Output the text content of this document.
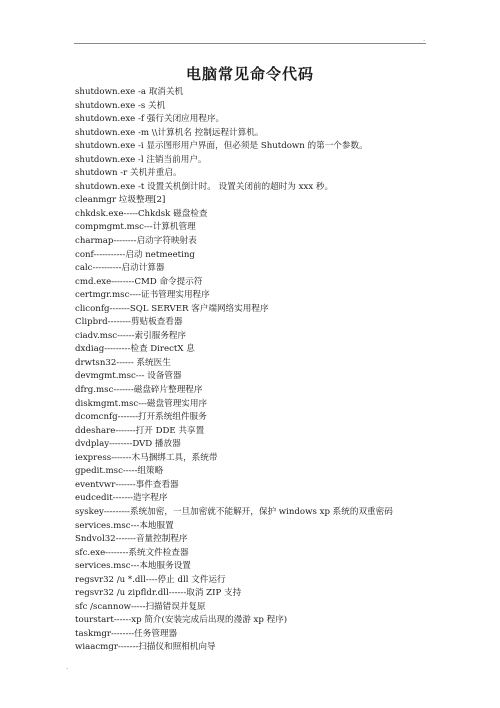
.
电脑常见命令代码
shutdown.exe -a 取消关机
shutdown.exe -s 关机
shutdown.exe -f 强行关闭应用程序。
shutdown.exe -m \\计算机名 控制远程计算机。
shutdown.exe -i 显示图形用户界面，但必须是 Shutdown 的第一个参数。
shutdown.exe -l 注销当前用户。
shutdown -r 关机并重启。
shutdown.exe -t 设置关机倒计时。 设置关闭前的超时为 xxx 秒。
cleanmgr 垃圾整理[2]
chkdsk.exe-----Chkdsk 磁盘检查
compmgmt.msc---计算机管理
charmap--------启动字符映射表
conf-----------启动 netmeeting
calc----------启动计算器
cmd.exe--------CMD 命令提示符
certmgr.msc----证书管理实用程序
cliconfg-------SQL SERVER 客户端网络实用程序
Clipbrd--------剪贴板查看器
ciadv.msc------索引服务程序
dxdiag---------检查 DirectX 息
drwtsn32------ 系统医生
devmgmt.msc--- 设备管器
dfrg.msc-------磁盘碎片整理程序
diskmgmt.msc---磁盘管理实用序
dcomcnfg-------打开系统组件服务
ddeshare-------打开 DDE 共享置
dvdplay--------DVD 播放器
iexpress-------木马捆绑工具，系统带
gpedit.msc-----组策略
eventvwr-------事件查看器
eudcedit-------造字程序
syskey---------系统加密，一旦加密就不能解开，保护 windows xp 系统的双重密码
services.msc---本地服置
Sndvol32-------音量控制程序
sfc.exe--------系统文件检查器
services.msc---本地服务设置
regsvr32 /u *.dll----停止 dll 文件运行
regsvr32 /u zipfldr.dll------取消 ZIP 支持
sfc /scannow-----扫描错误并复原
tourstart------xp 简介(安装完成后出现的漫游 xp 程序)
taskmgr--------任务管理器
wiaacmgr-------扫描仪和照相机向导
.
